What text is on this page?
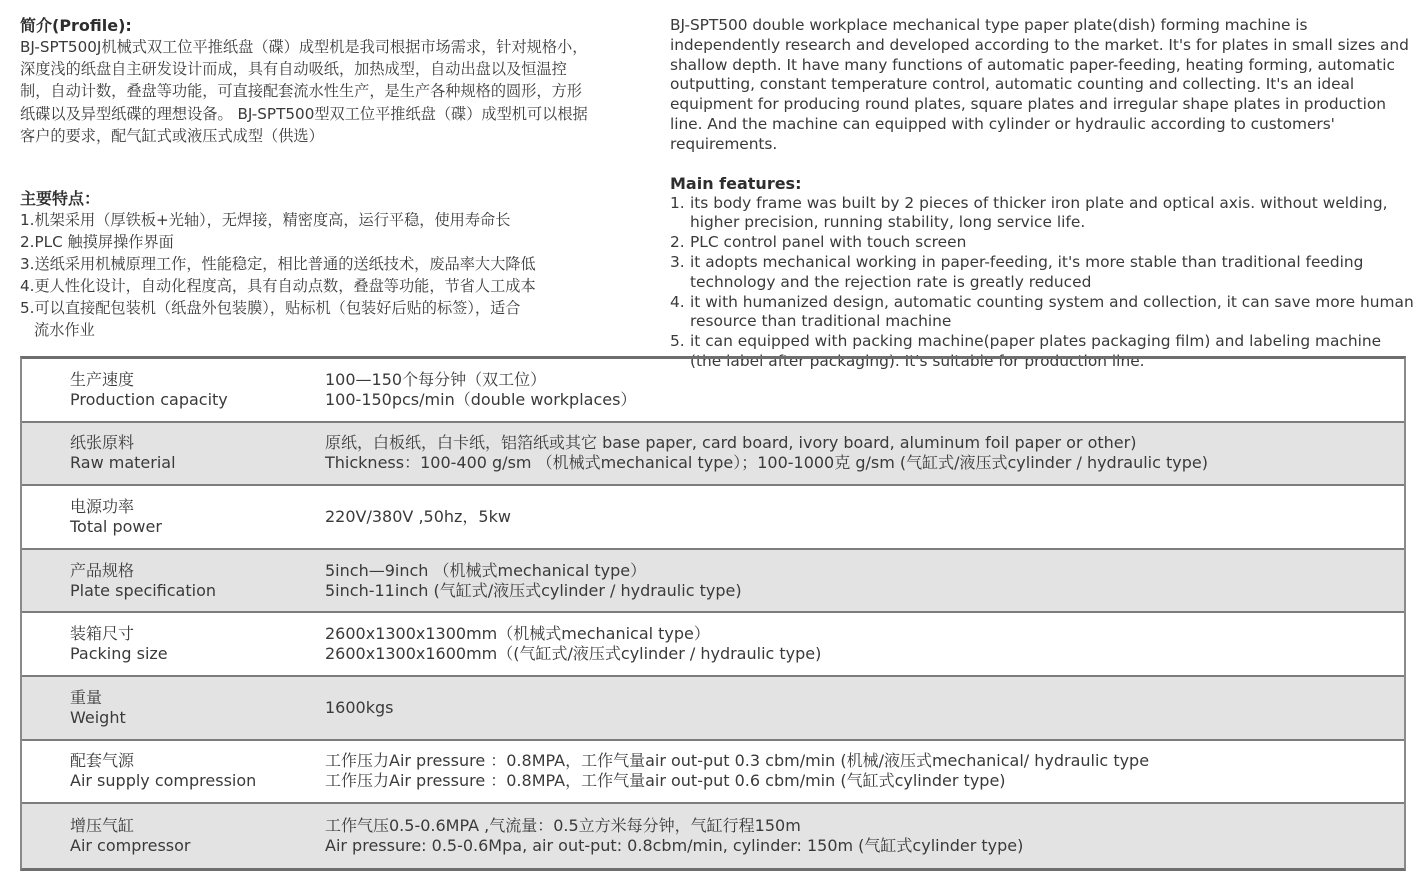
简介(Profile):

BJ-SPT500J机械式双工位平推纸盘（碟）成型机是我司根据市场需求，针对规格小，深度浅的纸盘自主研发设计而成，具有自动吸纸，加热成型，自动出盘以及恒温控制，自动计数，叠盘等功能，可直接配套流水性生产，是生产各种规格的圆形，方形纸碟以及异型纸碟的理想设备。 BJ-SPT500型双工位平推纸盘（碟）成型机可以根据客户的要求，配气缸式或液压式成型（供选）

主要特点：

1.机架采用（厚铁板+光轴），无焊接，精密度高，运行平稳，使用寿命长
2.PLC 触摸屏操作界面
3.送纸采用机械原理工作，性能稳定，相比普通的送纸技术，废品率大大降低
4.更人性化设计，自动化程度高，具有自动点数，叠盘等功能，节省人工成本
5.可以直接配包装机（纸盘外包装膜），贴标机（包装好后贴的标签），适合
流水作业

BJ-SPT500 double workplace mechanical type paper plate(dish) forming machine is independently research and developed according to the market. It's for plates in small sizes and shallow depth. It have many functions of automatic paper-feeding, heating forming, automatic outputting, constant temperature control, automatic counting and collecting. It's an ideal equipment for producing round plates, square plates and irregular shape plates in production line. And the machine can equipped with cylinder or hydraulic according to customers' requirements.

Main features:

1. its body frame was built by 2 pieces of thicker iron plate and optical axis. without welding, higher precision, running stability, long service life.
2. PLC control panel with touch screen
3. it adopts mechanical working in paper-feeding, it's more stable than traditional feeding technology and the rejection rate is greatly reduced
4. it with humanized design, automatic counting system and collection, it can save more human resource than traditional machine
5. it can equipped with packing machine(paper plates packaging film) and labeling machine (the label after packaging). It's suitable for production line.
生产速度
Production capacity
100—150个每分钟（双工位）
100-150pcs/min（double workplaces）
纸张原料
Raw material
原纸，白板纸，白卡纸，铝箔纸或其它 base paper, card board, ivory board, aluminum foil paper or other)
Thickness：100-400 g/sm （机械式mechanical type）；100-1000克 g/sm (气缸式/液压式cylinder / hydraulic type)
电源功率
Total power
220V/380V ,50hz，5kw
产品规格
Plate specification
5inch—9inch （机械式mechanical type）
5inch-11inch (气缸式/液压式cylinder / hydraulic type)
装箱尺寸
Packing size
2600x1300x1300mm（机械式mechanical type）
2600x1300x1600mm（(气缸式/液压式cylinder / hydraulic type)
重量
Weight
1600kgs
配套气源
Air supply compression
工作压力Air pressure ：0.8MPA，工作气量air out-put 0.3 cbm/min (机械/液压式mechanical/ hydraulic type
工作压力Air pressure ：0.8MPA，工作气量air out-put 0.6 cbm/min (气缸式cylinder type)
增压气缸
Air compressor
工作气压0.5-0.6MPA ,气流量：0.5立方米每分钟，气缸行程150m
Air pressure: 0.5-0.6Mpa, air out-put: 0.8cbm/min, cylinder: 150m (气缸式cylinder type)
